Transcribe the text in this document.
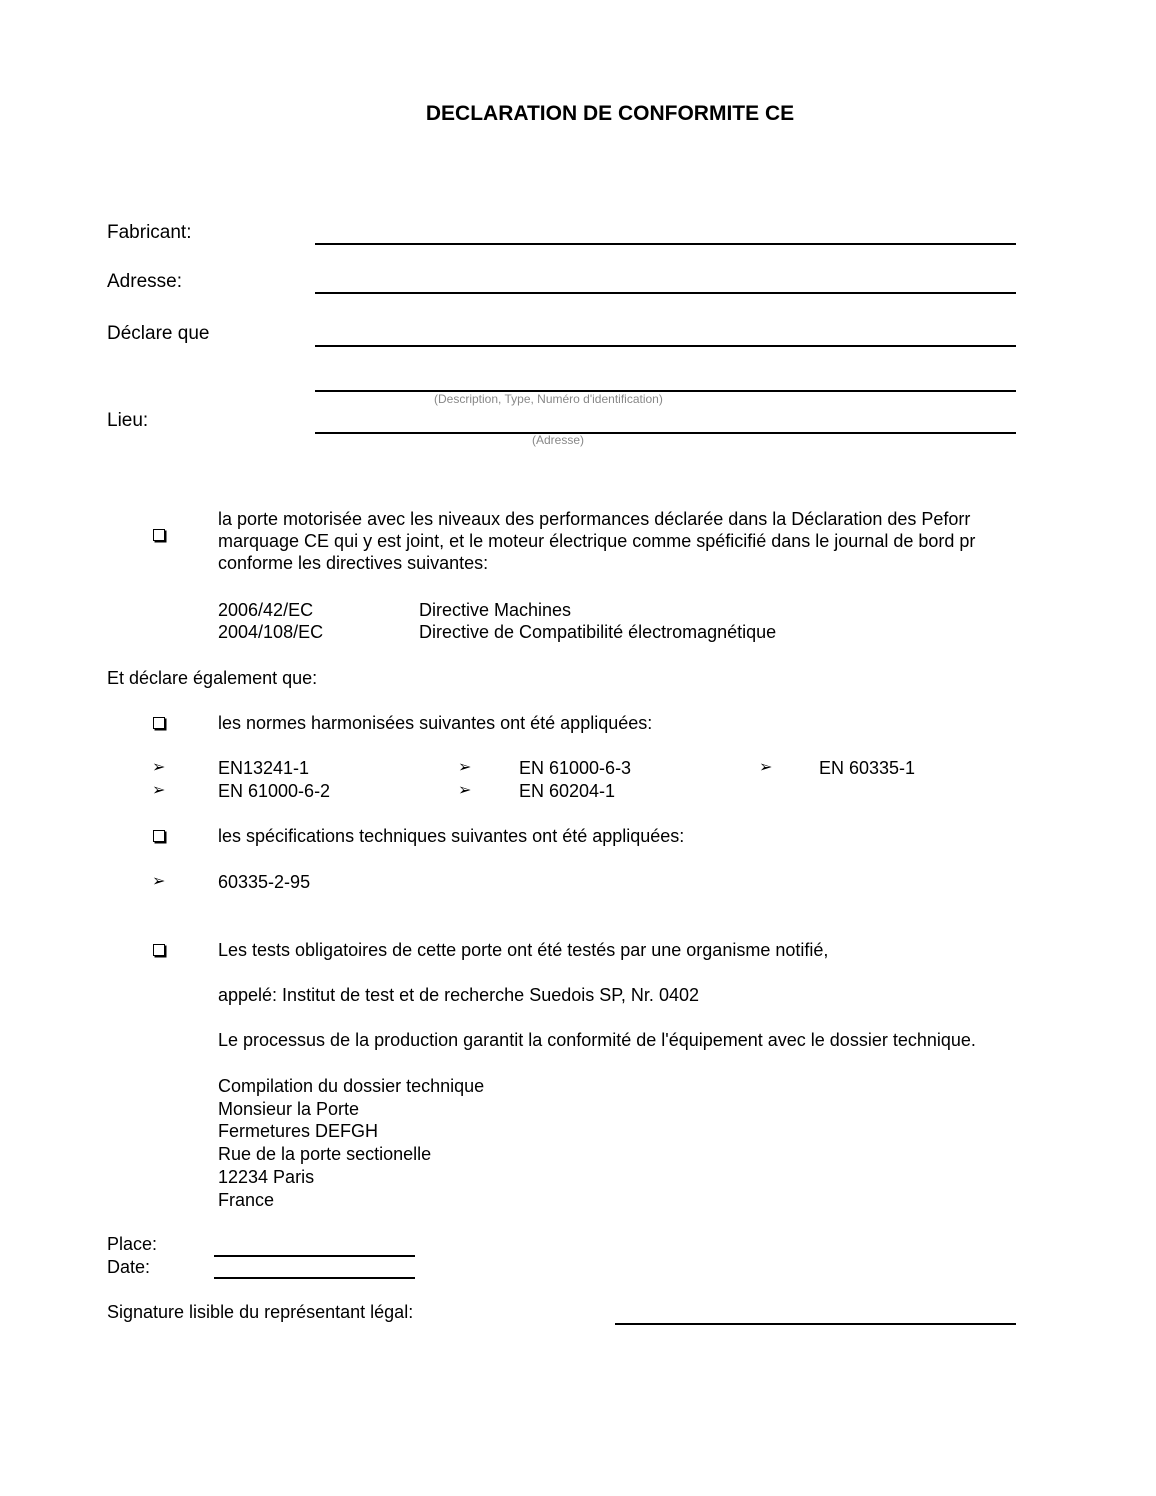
DECLARATION DE CONFORMITE CE
Fabricant:
Adresse:
Déclare que
(Description, Type, Numéro d'identification)
Lieu:
(Adresse)
la porte motorisée avec les niveaux des performances déclarée dans la Déclaration des Peforr
marquage CE qui y est joint, et le moteur électrique comme spéficifié dans le journal de bord pr
conforme les directives suivantes:
2006/42/EC	Directive Machines
2004/108/EC	Directive de Compatibilité électromagnétique
Et déclare également que:
les normes harmonisées suivantes ont été appliquées:
➢	EN13241-1	➢	EN 61000-6-3	➢	EN 60335-1
➢	EN 61000-6-2	➢	EN 60204-1
les spécifications techniques suivantes ont été appliquées:
➢	60335-2-95
Les tests obligatoires de cette porte ont été testés par une organisme notifié,
appelé: Institut de test et de recherche Suedois SP, Nr. 0402
Le processus de la production garantit la conformité de l'équipement avec le dossier technique.
Compilation du dossier technique
Monsieur la Porte
Fermetures DEFGH
Rue de la porte sectionelle
12234 Paris
France
Place:
Date:
Signature lisible du représentant légal:
